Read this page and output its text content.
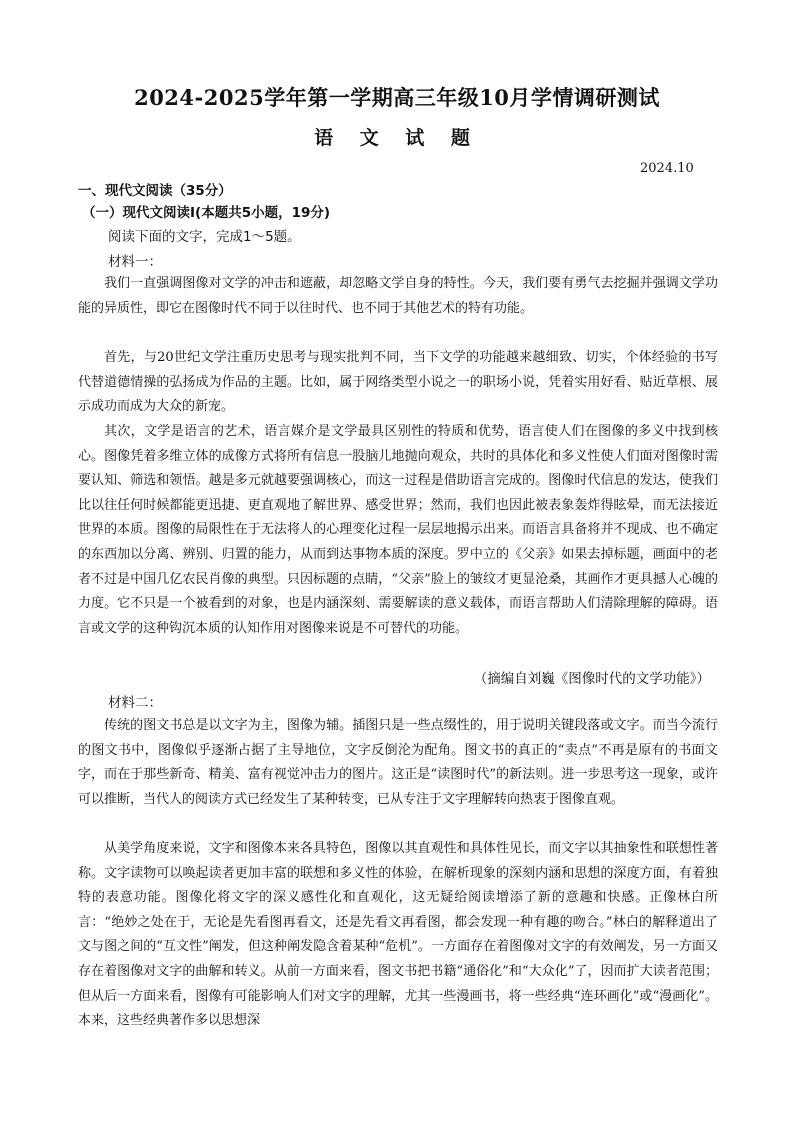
2024-2025学年第一学期高三年级10月学情调研测试
语 文 试 题
2024.10
一、现代文阅读（35分）
（一）现代文阅读Ⅰ(本题共5小题，19分)
阅读下面的文字，完成1～5题。
材料一：

我们一直强调图像对文学的冲击和遮蔽，却忽略文学自身的特性。今天，我们要有勇气去挖掘并强调文学功能的异质性，即它在图像时代不同于以往时代、也不同于其他艺术的特有功能。

首先，与20世纪文学注重历史思考与现实批判不同，当下文学的功能越来越细致、切实，个体经验的书写代替道德情操的弘扬成为作品的主题。比如，属于网络类型小说之一的职场小说，凭着实用好看、贴近草根、展示成功而成为大众的新宠。

其次，文学是语言的艺术，语言媒介是文学最具区别性的特质和优势，语言使人们在图像的多义中找到核心。图像凭着多维立体的成像方式将所有信息一股脑儿地抛向观众，共时的具体化和多义性使人们面对图像时需要认知、筛选和领悟。越是多元就越要强调核心，而这一过程是借助语言完成的。图像时代信息的发达，使我们比以往任何时候都能更迅捷、更直观地了解世界、感受世界；然而，我们也因此被表象轰炸得眩晕，而无法接近世界的本质。图像的局限性在于无法将人的心理变化过程一层层地揭示出来。而语言具备将并不现成、也不确定的东西加以分离、辨别、归置的能力，从而到达事物本质的深度。罗中立的《父亲》如果去掉标题，画面中的老者不过是中国几亿农民肖像的典型。只因标题的点睛，“父亲”脸上的皱纹才更显沧桑，其画作才更具撼人心魄的力度。它不只是一个被看到的对象，也是内涵深刻、需要解读的意义载体，而语言帮助人们清除理解的障碍。语言或文学的这种钩沉本质的认知作用对图像来说是不可替代的功能。

（摘编自刘巍《图像时代的文学功能》）
材料二：

传统的图文书总是以文字为主，图像为辅。插图只是一些点缀性的，用于说明关键段落或文字。而当今流行的图文书中，图像似乎逐渐占据了主导地位，文字反倒沦为配角。图文书的真正的“卖点”不再是原有的书面文字，而在于那些新奇、精美、富有视觉冲击力的图片。这正是“读图时代”的新法则。进一步思考这一现象，或许可以推断，当代人的阅读方式已经发生了某种转变，已从专注于文字理解转向热衷于图像直观。

从美学角度来说，文字和图像本来各具特色，图像以其直观性和具体性见长，而文字以其抽象性和联想性著称。文字读物可以唤起读者更加丰富的联想和多义性的体验，在解析现象的深刻内涵和思想的深度方面，有着独特的表意功能。图像化将文字的深义感性化和直观化，这无疑给阅读增添了新的意趣和快感。正像林白所言：“绝妙之处在于，无论是先看图再看文，还是先看文再看图，都会发现一种有趣的吻合。”林白的解释道出了文与图之间的“互文性”阐发，但这种阐发隐含着某种“危机”。一方面存在着图像对文字的有效阐发，另一方面又存在着图像对文字的曲解和转义。从前一方面来看，图文书把书籍“通俗化”和“大众化”了，因而扩大读者范围；但从后一方面来看，图像有可能影响人们对文字的理解，尤其一些漫画书，将一些经典“连环画化”或“漫画化”。本来，这些经典著作多以思想深
